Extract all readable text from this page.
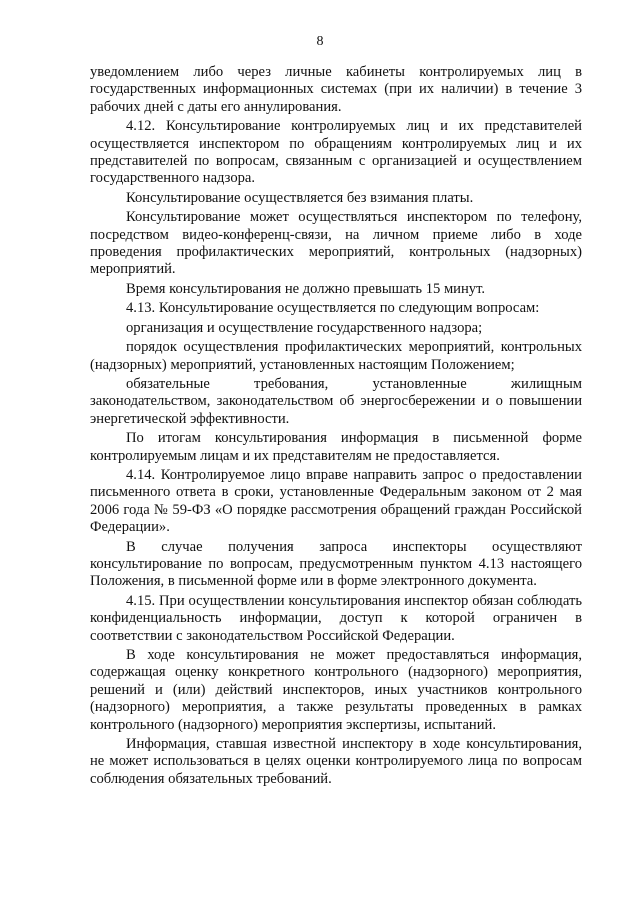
8

уведомлением либо через личные кабинеты контролируемых лиц в государственных информационных системах (при их наличии) в течение 3 рабочих дней с даты его аннулирования.

4.12. Консультирование контролируемых лиц и их представителей осуществляется инспектором по обращениям контролируемых лиц и их представителей по вопросам, связанным с организацией и осуществлением государственного надзора.

Консультирование осуществляется без взимания платы.

Консультирование может осуществляться инспектором по телефону, посредством видео-конференц-связи, на личном приеме либо в ходе проведения профилактических мероприятий, контрольных (надзорных) мероприятий.

Время консультирования не должно превышать 15 минут.

4.13. Консультирование осуществляется по следующим вопросам:

организация и осуществление государственного надзора;

порядок осуществления профилактических мероприятий, контрольных (надзорных) мероприятий, установленных настоящим Положением;

обязательные требования, установленные жилищным законодательством, законодательством об энергосбережении и о повышении энергетической эффективности.

По итогам консультирования информация в письменной форме контролируемым лицам и их представителям не предоставляется.

4.14. Контролируемое лицо вправе направить запрос о предоставлении письменного ответа в сроки, установленные Федеральным законом от 2 мая 2006 года № 59-ФЗ «О порядке рассмотрения обращений граждан Российской Федерации».

В случае получения запроса инспекторы осуществляют консультирование по вопросам, предусмотренным пунктом 4.13 настоящего Положения, в письменной форме или в форме электронного документа.

4.15. При осуществлении консультирования инспектор обязан соблюдать конфиденциальность информации, доступ к которой ограничен в соответствии с законодательством Российской Федерации.

В ходе консультирования не может предоставляться информация, содержащая оценку конкретного контрольного (надзорного) мероприятия, решений и (или) действий инспекторов, иных участников контрольного (надзорного) мероприятия, а также результаты проведенных в рамках контрольного (надзорного) мероприятия экспертизы, испытаний.

Информация, ставшая известной инспектору в ходе консультирования, не может использоваться в целях оценки контролируемого лица по вопросам соблюдения обязательных требований.
